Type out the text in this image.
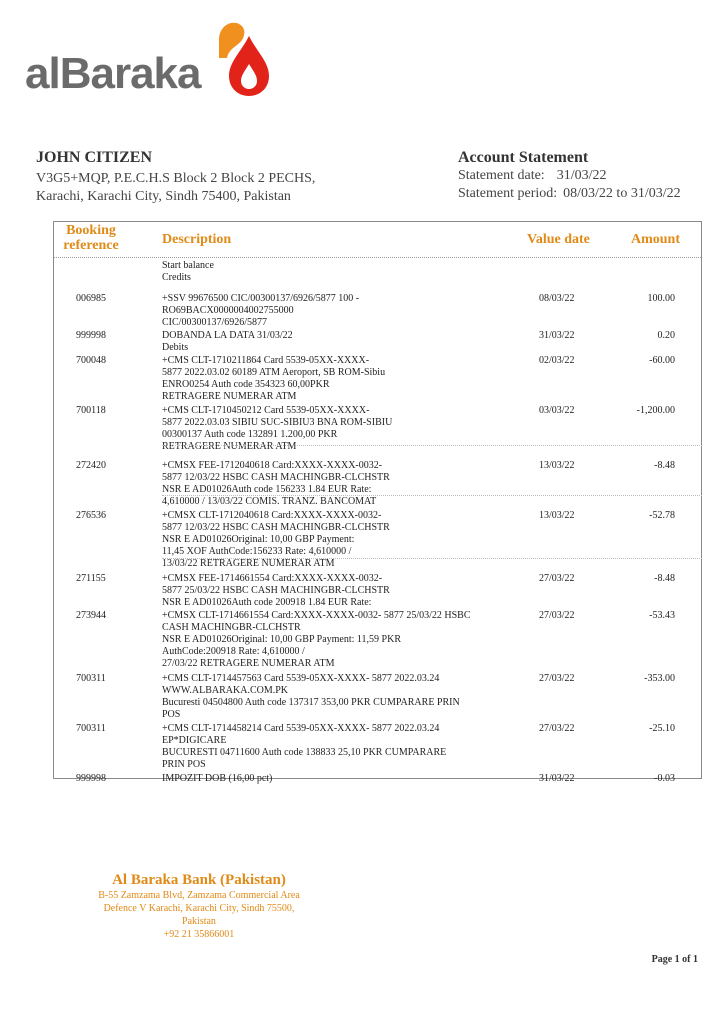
alBaraka
JOHN CITIZEN
V3G5+MQP, P.E.C.H.S Block 2 Block 2 PECHS,
Karachi, Karachi City, Sindh 75400, Pakistan
Account Statement
Statement date: 31/03/22
Statement period: 08/03/22 to 31/03/22
Booking
reference	Description	Value date	Amount
Start balance
Credits
006985	+SSV 99676500 CIC/00300137/6926/5877 100 -
RO69BACX0000004002755000
CIC/00300137/6926/5877
08/03/22	100.00
999998	DOBANDA LA DATA 31/03/22
Debits
31/03/22	0.20
700048	+CMS CLT-1710211864 Card 5539-05XX-XXXX-
5877 2022.03.02 60189 ATM Aeroport, SB ROM-Sibiu
ENRO0254 Auth code 354323 60,00PKR
RETRAGERE NUMERAR ATM
02/03/22	-60.00
700118	+CMS CLT-1710450212 Card 5539-05XX-XXXX-
5877 2022.03.03 SIBIU SUC-SIBIU3 BNA ROM-SIBIU
00300137 Auth code 132891 1.200,00 PKR
RETRAGERE NUMERAR ATM
03/03/22	-1,200.00
272420	+CMSX FEE-1712040618 Card:XXXX-XXXX-0032-
5877 12/03/22 HSBC CASH MACHINGBR-CLCHSTR
NSR E AD01026Auth code 156233 1.84 EUR Rate:
4,610000 / 13/03/22 COMIS. TRANZ. BANCOMAT
13/03/22	-8.48
276536	+CMSX CLT-1712040618 Card:XXXX-XXXX-0032-
5877 12/03/22 HSBC CASH MACHINGBR-CLCHSTR
NSR E AD01026Original: 10,00 GBP Payment:
11,45 XOF AuthCode:156233 Rate: 4,610000 /
13/03/22 RETRAGERE NUMERAR ATM
13/03/22	-52.78
271155	+CMSX FEE-1714661554 Card:XXXX-XXXX-0032-
5877 25/03/22 HSBC CASH MACHINGBR-CLCHSTR
NSR E AD01026Auth code 200918 1.84 EUR Rate:
27/03/22	-8.48
273944	+CMSX CLT-1714661554 Card:XXXX-XXXX-0032- 5877 25/03/22 HSBC
CASH MACHINGBR-CLCHSTR
NSR E AD01026Original: 10,00 GBP Payment: 11,59 PKR
AuthCode:200918 Rate: 4,610000 /
27/03/22 RETRAGERE NUMERAR ATM
27/03/22	-53.43
700311	+CMS CLT-1714457563 Card 5539-05XX-XXXX- 5877 2022.03.24
WWW.ALBARAKA.COM.PK
Bucuresti 04504800 Auth code 137317 353,00 PKR CUMPARARE PRIN
POS
27/03/22	-353.00
700311	+CMS CLT-1714458214 Card 5539-05XX-XXXX- 5877 2022.03.24
EP*DIGICARE
BUCURESTI 04711600 Auth code 138833 25,10 PKR CUMPARARE
PRIN POS
27/03/22	-25.10
999998	IMPOZIT DOB (16,00 pct)	31/03/22	-0.03
Al Baraka Bank (Pakistan)
B-55 Zamzama Blvd, Zamzama Commercial Area
Defence V Karachi, Karachi City, Sindh 75500,
Pakistan
+92 21 35866001
Page 1 of 1
